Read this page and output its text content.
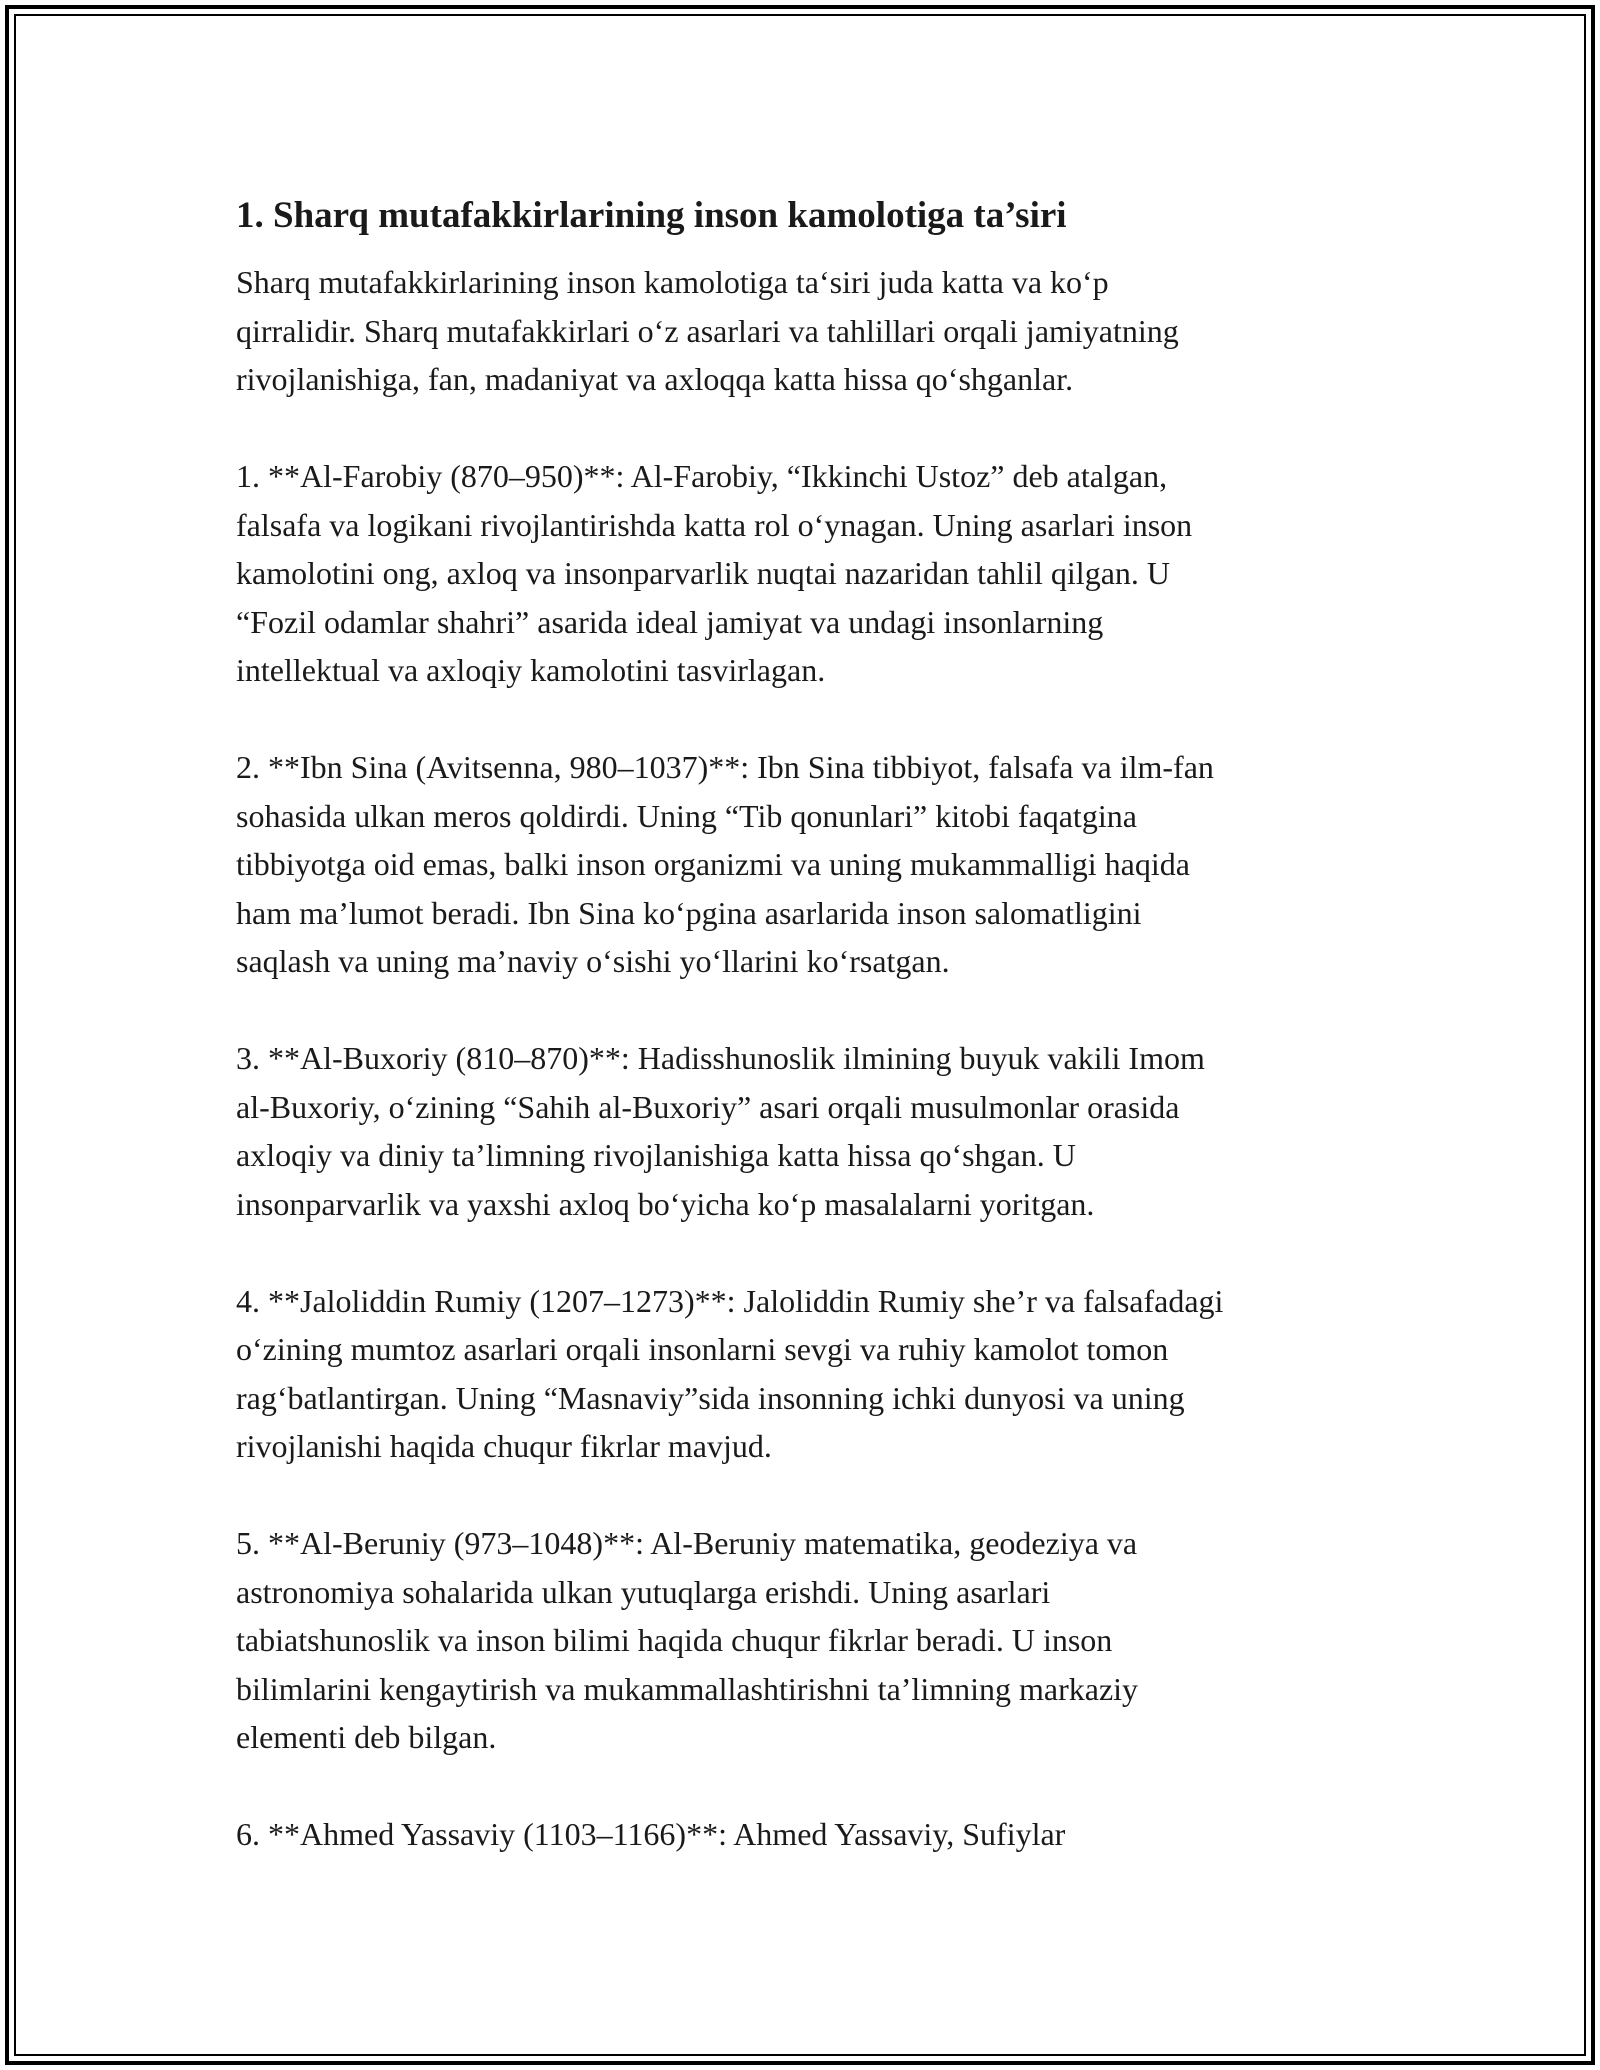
1. Sharq mutafakkirlarining inson kamolotiga ta’siri

Sharq mutafakkirlarining inson kamolotiga ta‘siri juda katta va ko‘p
qirralidir. Sharq mutafakkirlari o‘z asarlari va tahlillari orqali jamiyatning
rivojlanishiga, fan, madaniyat va axloqqa katta hissa qo‘shganlar.

1. **Al-Farobiy (870–950)**: Al-Farobiy, “Ikkinchi Ustoz” deb atalgan,
falsafa va logikani rivojlantirishda katta rol o‘ynagan. Uning asarlari inson
kamolotini ong, axloq va insonparvarlik nuqtai nazaridan tahlil qilgan. U
“Fozil odamlar shahri” asarida ideal jamiyat va undagi insonlarning
intellektual va axloqiy kamolotini tasvirlagan.

2. **Ibn Sina (Avitsenna, 980–1037)**: Ibn Sina tibbiyot, falsafa va ilm-fan
sohasida ulkan meros qoldirdi. Uning “Tib qonunlari” kitobi faqatgina
tibbiyotga oid emas, balki inson organizmi va uning mukammalligi haqida
ham ma’lumot beradi. Ibn Sina ko‘pgina asarlarida inson salomatligini
saqlash va uning ma’naviy o‘sishi yo‘llarini ko‘rsatgan.

3. **Al-Buxoriy (810–870)**: Hadisshunoslik ilmining buyuk vakili Imom
al-Buxoriy, o‘zining “Sahih al-Buxoriy” asari orqali musulmonlar orasida
axloqiy va diniy ta’limning rivojlanishiga katta hissa qo‘shgan. U
insonparvarlik va yaxshi axloq bo‘yicha ko‘p masalalarni yoritgan.

4. **Jaloliddin Rumiy (1207–1273)**: Jaloliddin Rumiy she’r va falsafadagi
o‘zining mumtoz asarlari orqali insonlarni sevgi va ruhiy kamolot tomon
rag‘batlantirgan. Uning “Masnaviy”sida insonning ichki dunyosi va uning
rivojlanishi haqida chuqur fikrlar mavjud.

5. **Al-Beruniy (973–1048)**: Al-Beruniy matematika, geodeziya va
astronomiya sohalarida ulkan yutuqlarga erishdi. Uning asarlari
tabiatshunoslik va inson bilimi haqida chuqur fikrlar beradi. U inson
bilimlarini kengaytirish va mukammallashtirishni ta’limning markaziy
elementi deb bilgan.

6. **Ahmed Yassaviy (1103–1166)**: Ahmed Yassaviy, Sufiylar
